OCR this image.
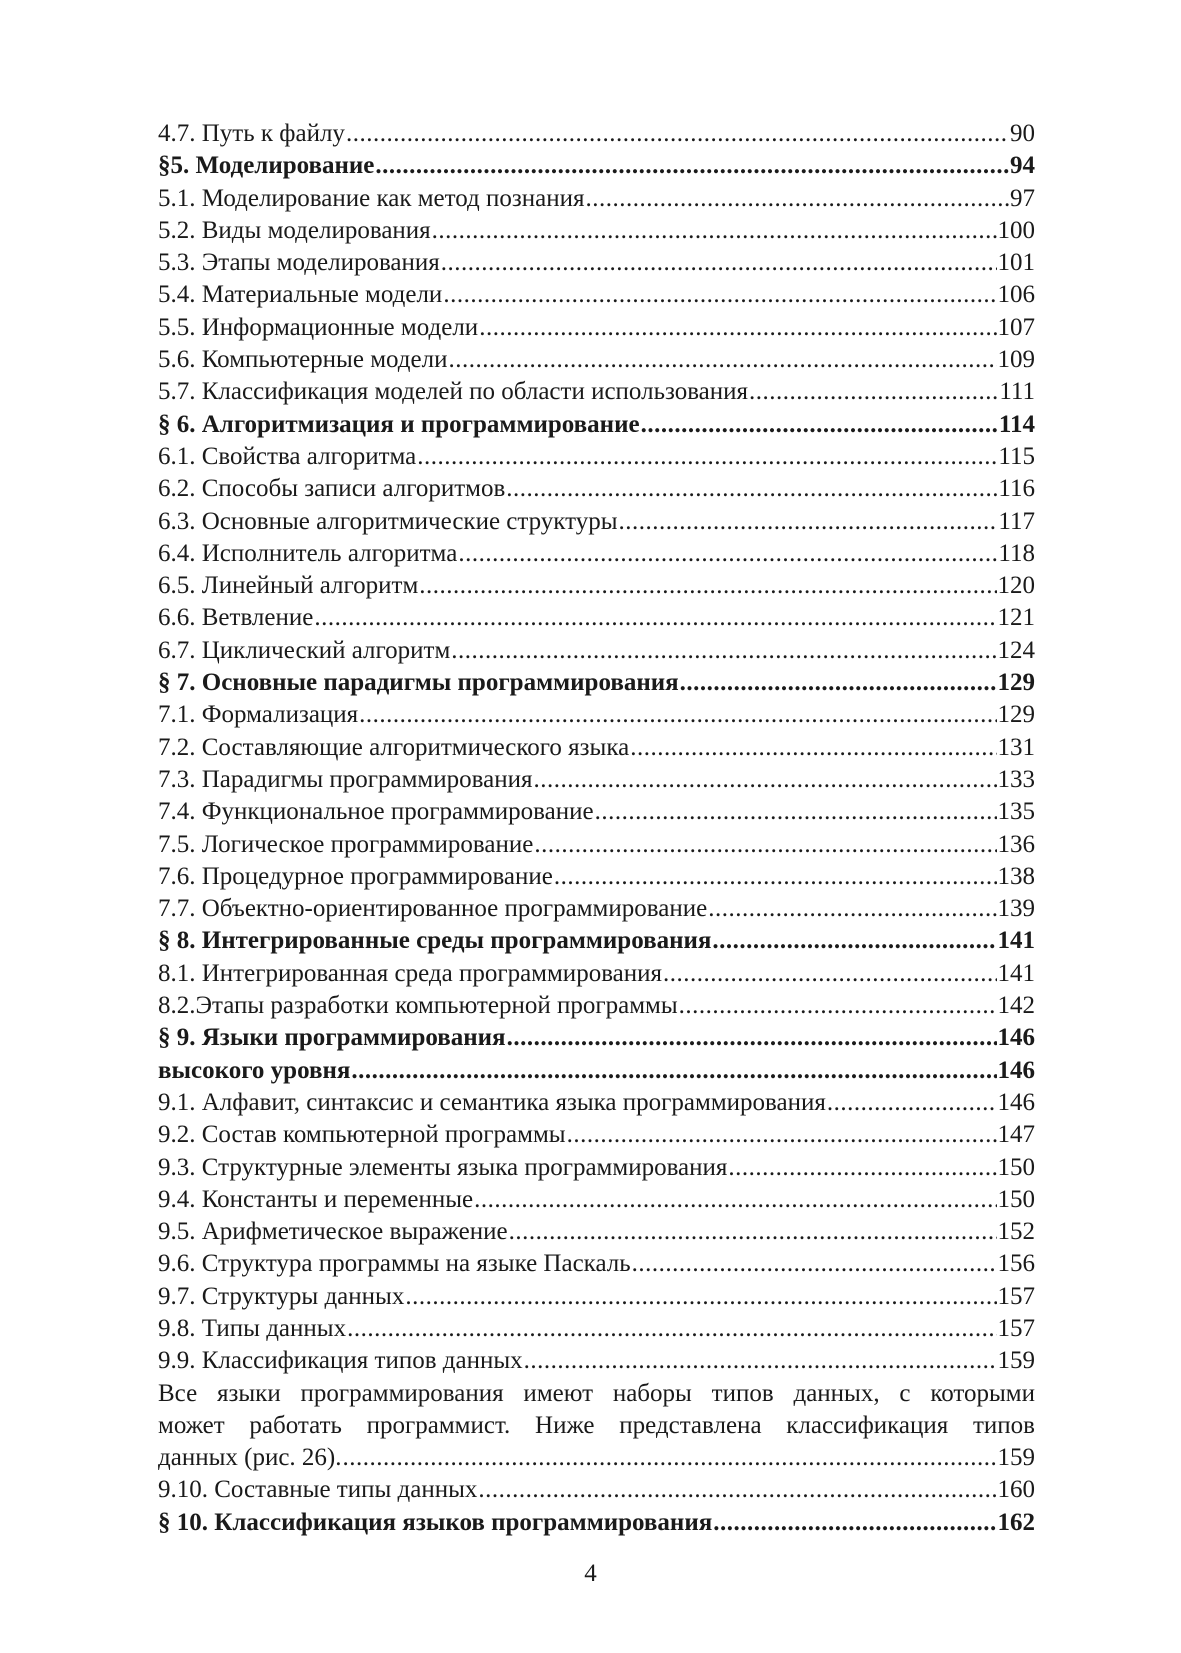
4.7. Путь к файлу .....	90
§5. Моделирование .....	94
5.1. Моделирование как метод познания .....	97
5.2. Виды моделирования .....	100
5.3. Этапы моделирования .....	101
5.4. Материальные модели .....	106
5.5. Информационные модели .....	107
5.6. Компьютерные модели .....	109
5.7. Классификация моделей по области использования .....	111
§ 6. Алгоритмизация и программирование .....	114
6.1. Свойства алгоритма .....	115
6.2. Способы записи алгоритмов .....	116
6.3. Основные алгоритмические структуры .....	117
6.4. Исполнитель алгоритма .....	118
6.5. Линейный алгоритм .....	120
6.6. Ветвление .....	121
6.7. Циклический алгоритм .....	124
§ 7. Основные парадигмы программирования .....	129
7.1. Формализация .....	129
7.2. Составляющие алгоритмического языка .....	131
7.3. Парадигмы программирования .....	133
7.4. Функциональное программирование .....	135
7.5. Логическое программирование .....	136
7.6. Процедурное программирование .....	138
7.7. Объектно-ориентированное программирование .....	139
§ 8. Интегрированные среды программирования .....	141
8.1. Интегрированная среда программирования .....	141
8.2.Этапы разработки компьютерной программы .....	142
§ 9. Языки программирования .....	146
высокого уровня .....	146
9.1. Алфавит, синтаксис и семантика языка программирования .....	146
9.2. Состав компьютерной программы .....	147
9.3. Структурные элементы языка программирования .....	150
9.4. Константы и переменные .....	150
9.5. Арифметическое выражение .....	152
9.6. Структура программы на языке Паскаль .....	156
9.7. Структуры данных .....	157
9.8. Типы данных .....	157
9.9. Классификация типов данных .....	159

Все языки программирования имеют наборы типов данных, с которыми

может работать программист. Ниже представлена классификация типов

данных (рис. 26). .....	159
9.10. Составные типы данных .....	160
§ 10. Классификация языков программирования .....	162
4
